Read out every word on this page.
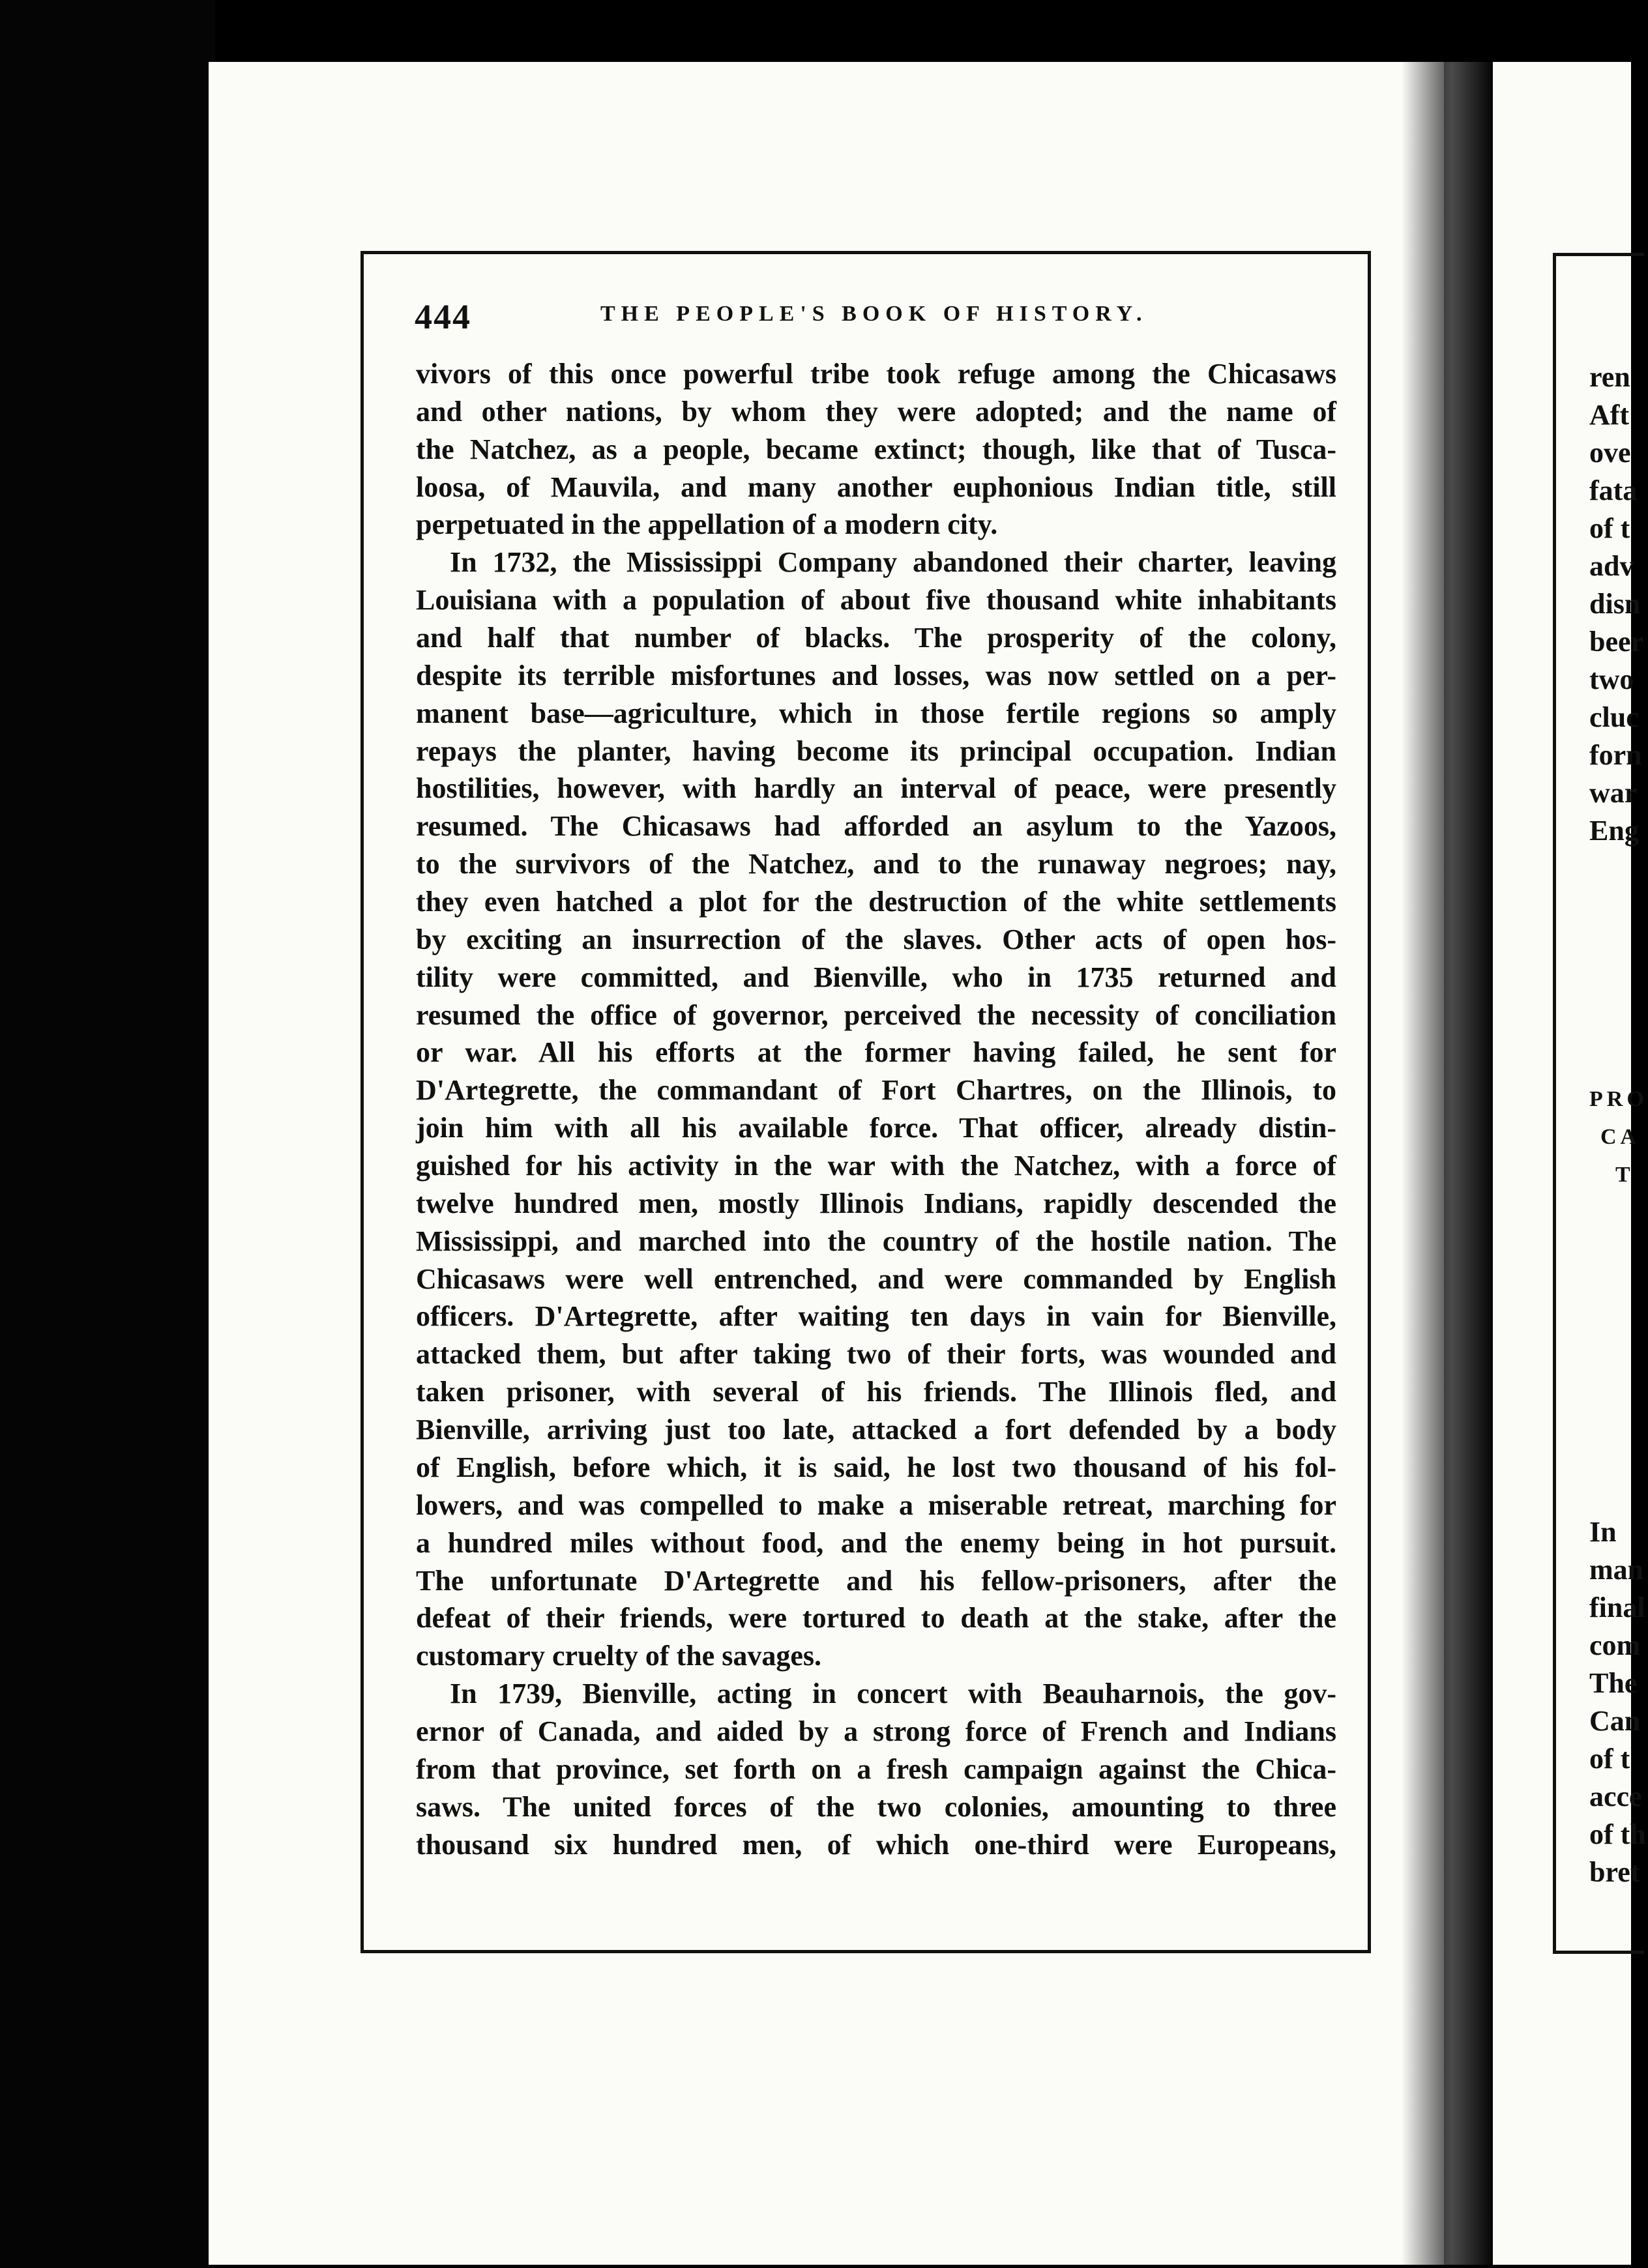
444	THE PEOPLE'S BOOK OF HISTORY.
vivors of this once powerful tribe took refuge among the Chicasaws
and other nations, by whom they were adopted; and the name of
the Natchez, as a people, became extinct; though, like that of Tusca-
loosa, of Mauvila, and many another euphonious Indian title, still
perpetuated in the appellation of a modern city.
In 1732, the Mississippi Company abandoned their charter, leaving
Louisiana with a population of about five thousand white inhabitants
and half that number of blacks. The prosperity of the colony,
despite its terrible misfortunes and losses, was now settled on a per-
manent base—agriculture, which in those fertile regions so amply
repays the planter, having become its principal occupation. Indian
hostilities, however, with hardly an interval of peace, were presently
resumed. The Chicasaws had afforded an asylum to the Yazoos,
to the survivors of the Natchez, and to the runaway negroes; nay,
they even hatched a plot for the destruction of the white settlements
by exciting an insurrection of the slaves. Other acts of open hos-
tility were committed, and Bienville, who in 1735 returned and
resumed the office of governor, perceived the necessity of conciliation
or war. All his efforts at the former having failed, he sent for
D'Artegrette, the commandant of Fort Chartres, on the Illinois, to
join him with all his available force. That officer, already distin-
guished for his activity in the war with the Natchez, with a force of
twelve hundred men, mostly Illinois Indians, rapidly descended the
Mississippi, and marched into the country of the hostile nation. The
Chicasaws were well entrenched, and were commanded by English
officers. D'Artegrette, after waiting ten days in vain for Bienville,
attacked them, but after taking two of their forts, was wounded and
taken prisoner, with several of his friends. The Illinois fled, and
Bienville, arriving just too late, attacked a fort defended by a body
of English, before which, it is said, he lost two thousand of his fol-
lowers, and was compelled to make a miserable retreat, marching for
a hundred miles without food, and the enemy being in hot pursuit.
The unfortunate D'Artegrette and his fellow-prisoners, after the
defeat of their friends, were tortured to death at the stake, after the
customary cruelty of the savages.
In 1739, Bienville, acting in concert with Beauharnois, the gov-
ernor of Canada, and aided by a strong force of French and Indians
from that province, set forth on a fresh campaign against the Chica-
saws. The united forces of the two colonies, amounting to three
thousand six hundred men, of which one-third were Europeans,
ren
Aft
ove
fata
of t
adv
disn
beer
two
cluc
forn
war
Eng
PRO
CA
T
In
man
final
com
The
Can
of t
acce
of th
bret
